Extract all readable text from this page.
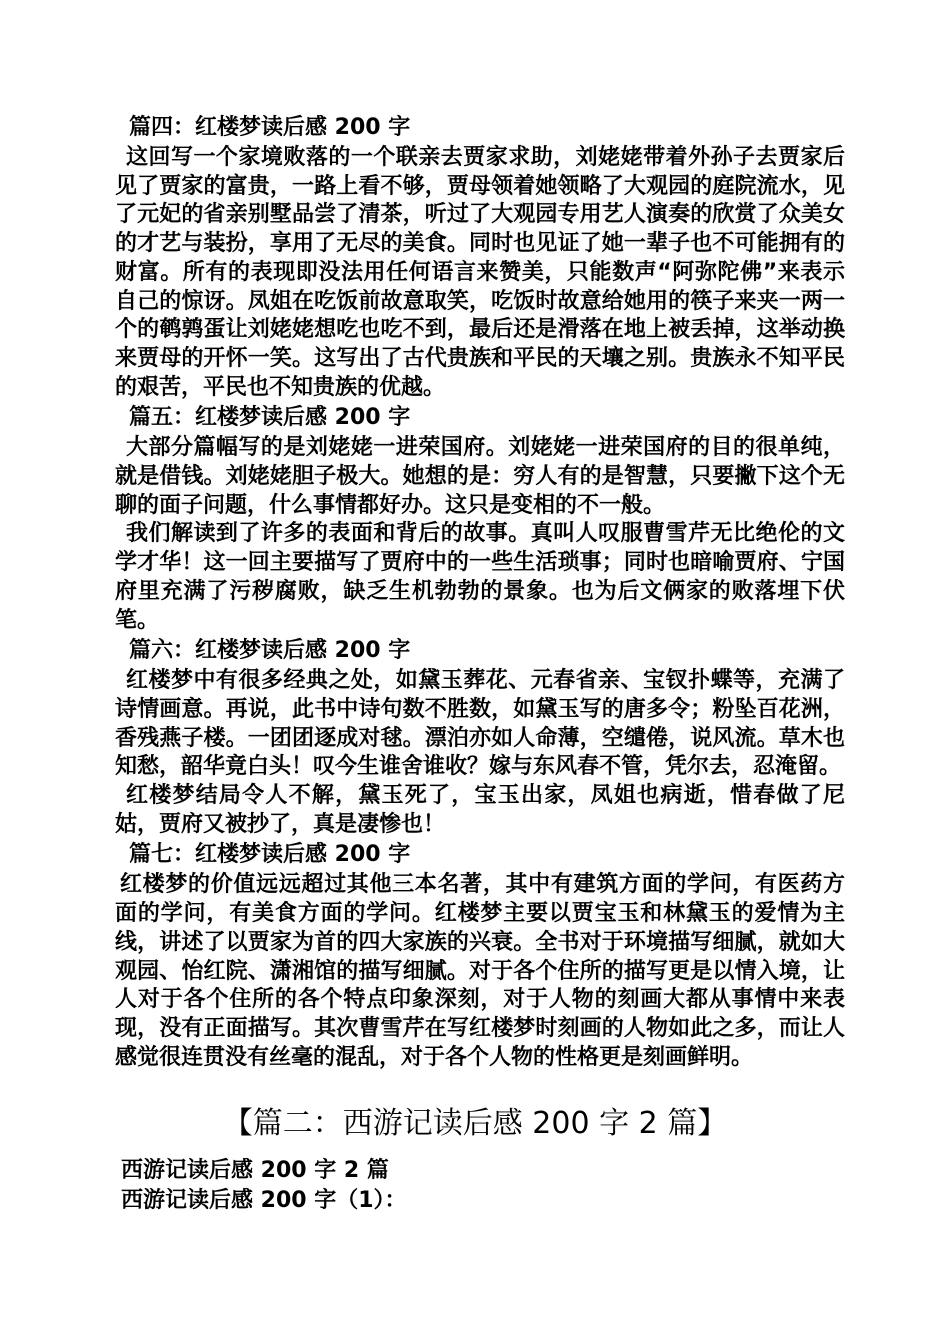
篇四：红楼梦读后感 200 字

这回写一个家境败落的一个联亲去贾家求助，刘姥姥带着外孙子去贾家后见了贾家的富贵，一路上看不够，贾母领着她领略了大观园的庭院流水，见了元妃的省亲别墅品尝了清茶，听过了大观园专用艺人演奏的欣赏了众美女的才艺与装扮，享用了无尽的美食。同时也见证了她一辈子也不可能拥有的财富。所有的表现即没法用任何语言来赞美，只能数声“阿弥陀佛”来表示自己的惊讶。凤姐在吃饭前故意取笑，吃饭时故意给她用的筷子来夹一两一个的鹌鹑蛋让刘姥姥想吃也吃不到，最后还是滑落在地上被丢掉，这举动换来贾母的开怀一笑。这写出了古代贵族和平民的天壤之别。贵族永不知平民的艰苦，平民也不知贵族的优越。

篇五：红楼梦读后感 200 字

大部分篇幅写的是刘姥姥一进荣国府。刘姥姥一进荣国府的目的很单纯，就是借钱。刘姥姥胆子极大。她想的是：穷人有的是智慧，只要撇下这个无聊的面子问题，什么事情都好办。这只是变相的不一般。

我们解读到了许多的表面和背后的故事。真叫人叹服曹雪芹无比绝伦的文学才华！这一回主要描写了贾府中的一些生活琐事；同时也暗喻贾府、宁国府里充满了污秽腐败，缺乏生机勃勃的景象。也为后文俩家的败落埋下伏笔。

篇六：红楼梦读后感 200 字

红楼梦中有很多经典之处，如黛玉葬花、元春省亲、宝钗扑蝶等，充满了诗情画意。再说，此书中诗句数不胜数，如黛玉写的唐多令；粉坠百花洲，香残燕子楼。一团团逐成对毬。漂泊亦如人命薄，空缱倦，说风流。草木也知愁，韶华竟白头！叹今生谁舍谁收？嫁与东风春不管，凭尔去，忍淹留。

红楼梦结局令人不解，黛玉死了，宝玉出家，凤姐也病逝，惜春做了尼姑，贾府又被抄了，真是凄惨也！

篇七：红楼梦读后感 200 字

红楼梦的价值远远超过其他三本名著，其中有建筑方面的学问，有医药方面的学问，有美食方面的学问。红楼梦主要以贾宝玉和林黛玉的爱情为主线，讲述了以贾家为首的四大家族的兴衰。全书对于环境描写细腻，就如大观园、怡红院、潇湘馆的描写细腻。对于各个住所的描写更是以情入境，让人对于各个住所的各个特点印象深刻，对于人物的刻画大都从事情中来表现，没有正面描写。其次曹雪芹在写红楼梦时刻画的人物如此之多，而让人感觉很连贯没有丝毫的混乱，对于各个人物的性格更是刻画鲜明。

【篇二：西游记读后感 200 字 2 篇】
西游记读后感 200 字 2 篇
西游记读后感 200 字（1）：
